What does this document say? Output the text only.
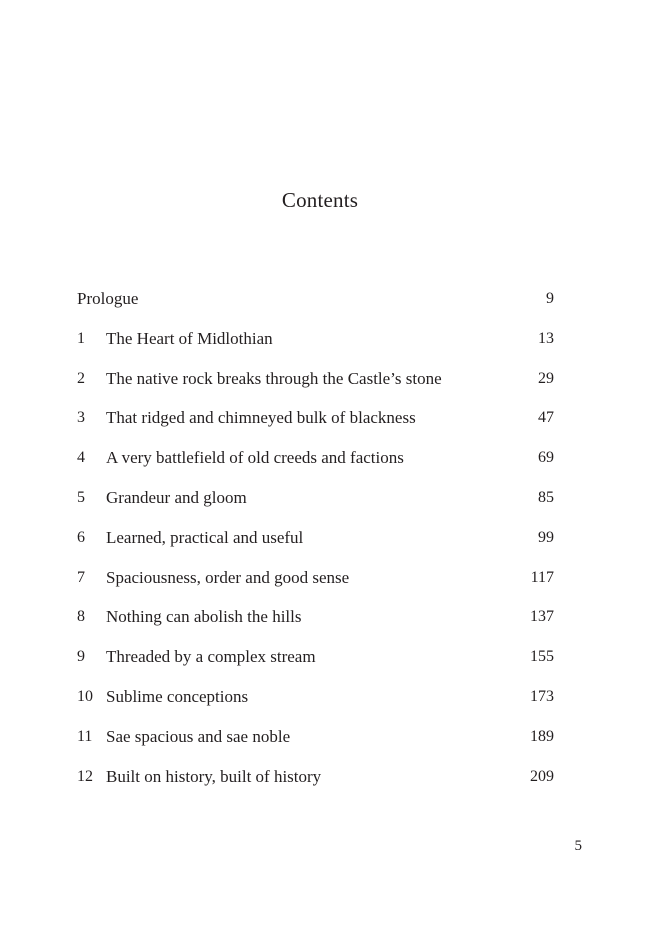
Contents
Prologue	9
1 The Heart of Midlothian	13
2 The native rock breaks through the Castle’s stone	29
3 That ridged and chimneyed bulk of blackness	47
4 A very battlefield of old creeds and factions	69
5 Grandeur and gloom	85
6 Learned, practical and useful	99
7 Spaciousness, order and good sense	117
8 Nothing can abolish the hills	137
9 Threaded by a complex stream	155
10 Sublime conceptions	173
11 Sae spacious and sae noble	189
12 Built on history, built of history	209
5
